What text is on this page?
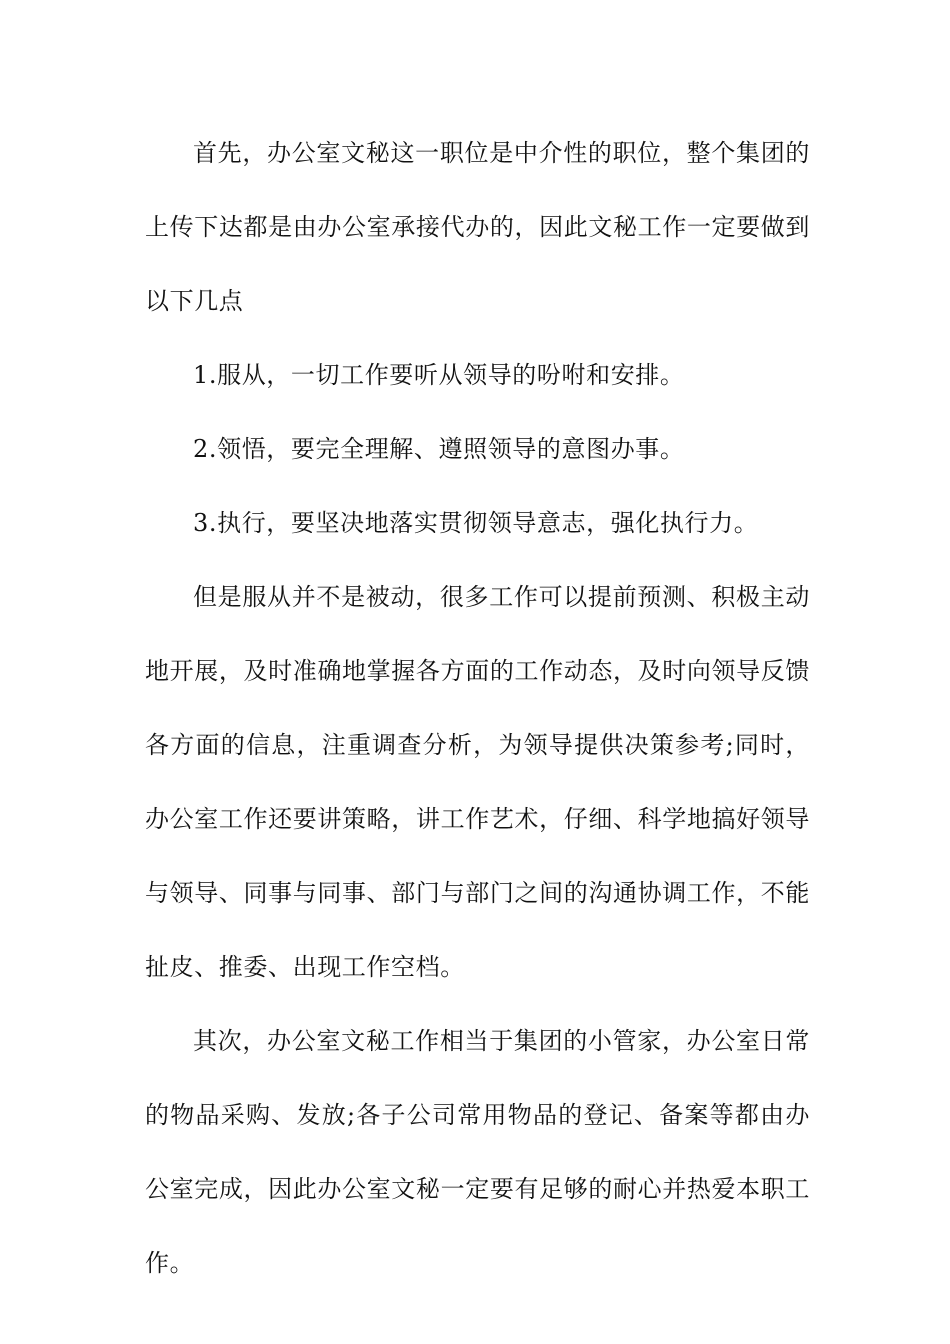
首先，办公室文秘这一职位是中介性的职位，整个集团的上传下达都是由办公室承接代办的，因此文秘工作一定要做到以下几点

1.服从，一切工作要听从领导的吩咐和安排。

2.领悟，要完全理解、遵照领导的意图办事。

3.执行，要坚决地落实贯彻领导意志，强化执行力。

但是服从并不是被动，很多工作可以提前预测、积极主动地开展，及时准确地掌握各方面的工作动态，及时向领导反馈各方面的信息，注重调查分析，为领导提供决策参考;同时，办公室工作还要讲策略，讲工作艺术，仔细、科学地搞好领导与领导、同事与同事、部门与部门之间的沟通协调工作，不能扯皮、推委、出现工作空档。

其次，办公室文秘工作相当于集团的小管家，办公室日常的物品采购、发放;各子公司常用物品的登记、备案等都由办公室完成，因此办公室文秘一定要有足够的耐心并热爱本职工作。
